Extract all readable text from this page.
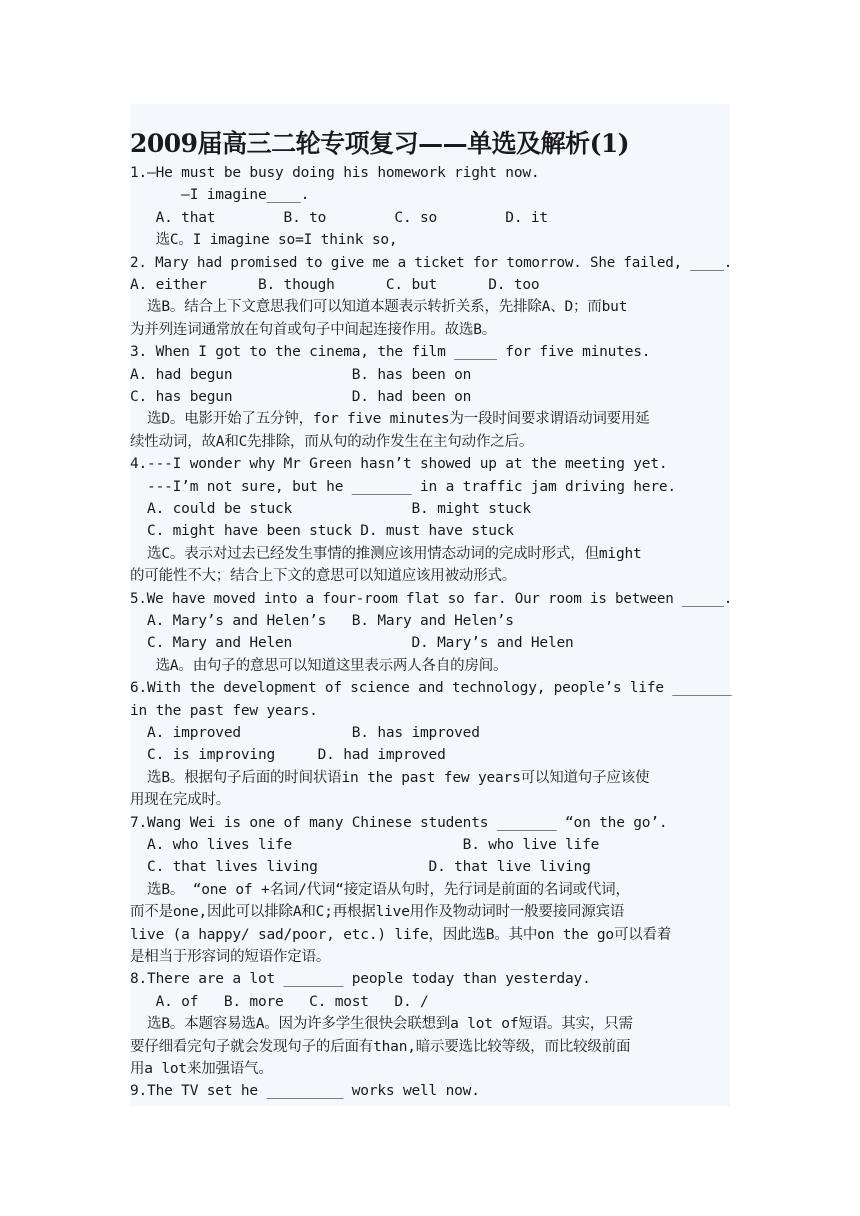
2009届高三二轮专项复习——单选及解析(1)
1.—He must be busy doing his homework right now.
—I imagine____.
A. that        B. to        C. so        D. it
选C。I imagine so=I think so,
2. Mary had promised to give me a ticket for tomorrow. She failed, ____.
A. either      B. though      C. but      D. too
选B。结合上下文意思我们可以知道本题表示转折关系，先排除A、D；而but
为并列连词通常放在句首或句子中间起连接作用。故选B。
3. When I got to the cinema, the film _____ for five minutes.
A. had begun              B. has been on
C. has begun              D. had been on
选D。电影开始了五分钟，for five minutes为一段时间要求谓语动词要用延
续性动词，故A和C先排除，而从句的动作发生在主句动作之后。
4.---I wonder why Mr Green hasn’t showed up at the meeting yet.
---I’m not sure, but he _______ in a traffic jam driving here.
A. could be stuck              B. might stuck
C. might have been stuck D. must have stuck
选C。表示对过去已经发生事情的推测应该用情态动词的完成时形式，但might
的可能性不大；结合上下文的意思可以知道应该用被动形式。
5.We have moved into a four-room flat so far. Our room is between _____.
A. Mary’s and Helen’s   B. Mary and Helen’s
C. Mary and Helen              D. Mary’s and Helen
选A。由句子的意思可以知道这里表示两人各自的房间。
6.With the development of science and technology, people’s life _______
in the past few years.
A. improved             B. has improved
C. is improving     D. had improved
选B。根据句子后面的时间状语in the past few years可以知道句子应该使
用现在完成时。
7.Wang Wei is one of many Chinese students _______ “on the go’.
A. who lives life                    B. who live life
C. that lives living             D. that live living
选B。 “one of +名词/代词“接定语从句时，先行词是前面的名词或代词，
而不是one,因此可以排除A和C;再根据live用作及物动词时一般要接同源宾语
live (a happy/ sad/poor, etc.) life，因此选B。其中on the go可以看着
是相当于形容词的短语作定语。
8.There are a lot _______ people today than yesterday.
A. of   B. more   C. most   D. /
选B。本题容易选A。因为许多学生很快会联想到a lot of短语。其实，只需
要仔细看完句子就会发现句子的后面有than,暗示要选比较等级，而比较级前面
用a lot来加强语气。
9.The TV set he _________ works well now.
